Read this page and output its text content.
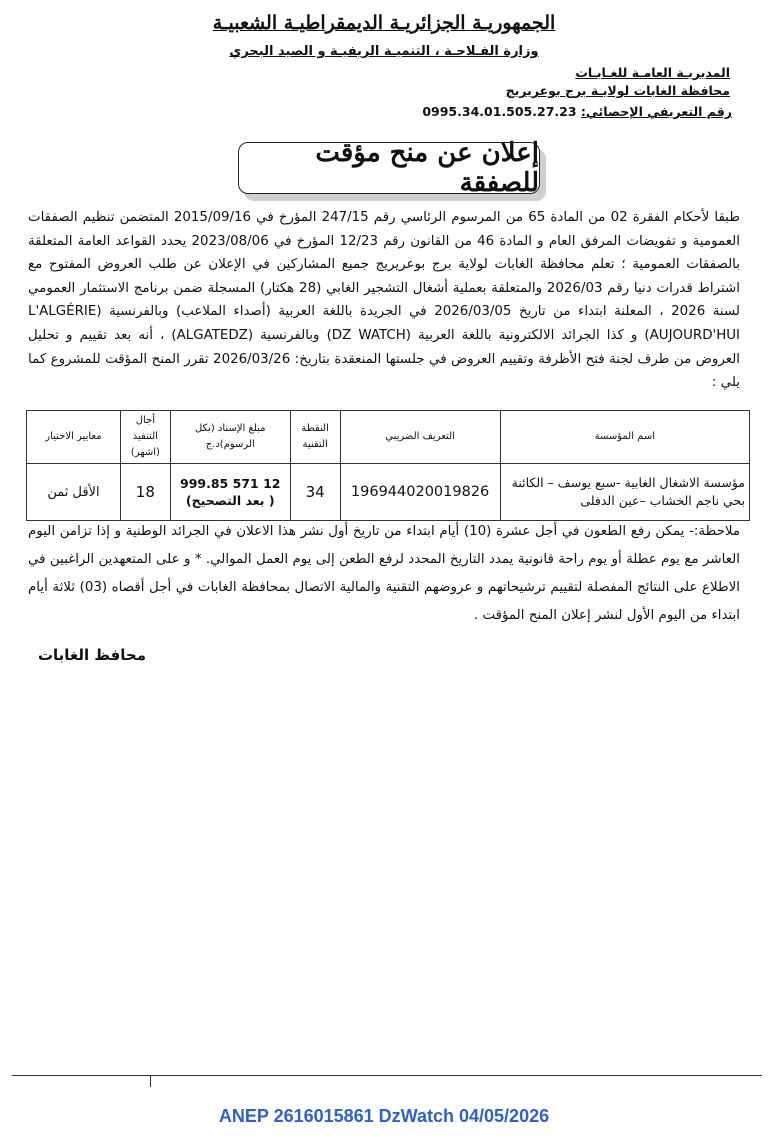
الجمهوريـة الجزائريـة الديمقراطيـة الشعبيـة
وزارة الفـلاحـة ، التنميـة الريفيـة و الصيد البحري
المديريـة العامـة للغـابـات
محافظة الغابات لولايـة برج بوعريريج
رقم التعريفي الإحصائي: 0995.34.01.505.27.23
إعلان عن منح مؤقت للصفقة
طبقا لأحكام الفقرة 02 من المادة 65 من المرسوم الرئاسي رقم 247/15 المؤرخ في 2015/09/16 المتضمن تنظيم الصفقات العمومية و تفويضات المرفق العام و المادة 46 من القانون رقم 12/23 المؤرخ في 2023/08/06 يحدد القواعد العامة المتعلقة بالصفقات العمومية ؛ تعلم محافظة الغابات لولاية برج بوعريريج جميع المشاركين في الإعلان عن طلب العروض المفتوح مع اشتراط قدرات دنيا رقم 2026/03 والمتعلقة بعملية أشغال التشجير الغابي (28 هكتار) المسجلة ضمن برنامج الاستثمار العمومي لسنة 2026 ، المعلنة ابتداء من تاريخ 2026/03/05 في الجريدة باللغة العربية (أصداء الملاعب) وبالفرنسية (L'ALGÉRIE AUJOURD'HUI) و كذا الجرائد الالكترونية باللغة العربية (DZ WATCH) وبالفرنسية (ALGATEDZ) ، أنه بعد تقييم و تحليل العروض من طرف لجنة فتح الأظرفة وتقييم العروض في جلستها المنعقدة بتاريخ: 2026/03/26 تقرر المنح المؤقت للمشروع كما يلي :
اسم المؤسسة	التعريف الضريبي	النقطة التقنية	مبلغ الإسناد (بكل الرسوم)د.ج	أجال التنفيذ (اشهر)	معايير الاختيار
مؤسسة الاشغال الغابية -سبع يوسف – الكائنة بحي ناجم الخشاب –عين الدفلى	196944020019826	34	12 571 999.85
( بعد التصحيح)	18	الأقل ثمن
ملاحظة:- يمكن رفع الطعون في أجل عشرة (10) أيام ابتداء من تاريخ أول نشر هذا الاعلان في الجرائد الوطنية و إذا تزامن اليوم العاشر مع يوم عطلة أو يوم راحة قانونية يمدد التاريخ المحدد لرفع الطعن إلى يوم العمل الموالي. * و على المتعهدين الراغبين في الاطلاع على النتائج المفصلة لتقييم ترشيحاتهم و عروضهم التقنية والمالية الاتصال بمحافظة الغابات في أجل أقصاه (03) ثلاثة أيام ابتداء من اليوم الأول لنشر إعلان المنح المؤقت .
محافظ الغابات
ANEP 2616015861 DzWatch 04/05/2026
